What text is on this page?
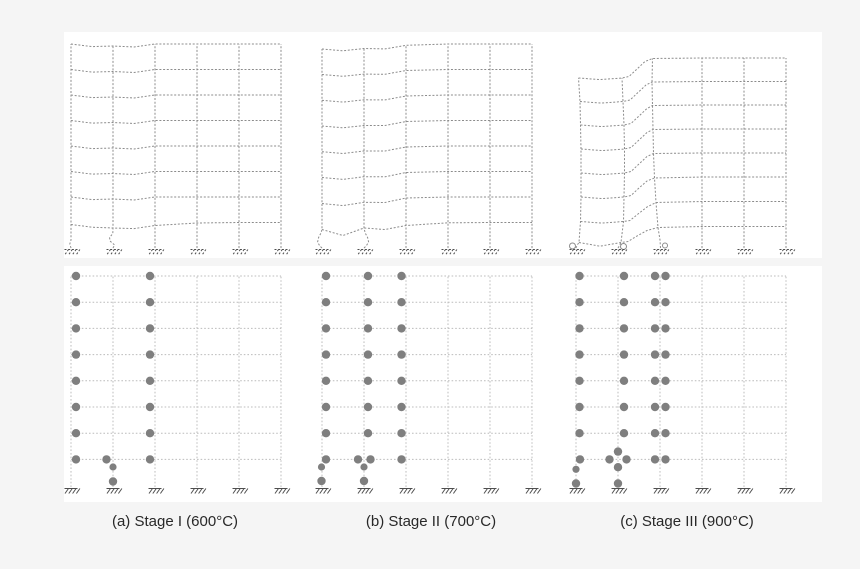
(a) Stage I (600°C)	(b) Stage II (700°C)	(c) Stage III (900°C)
